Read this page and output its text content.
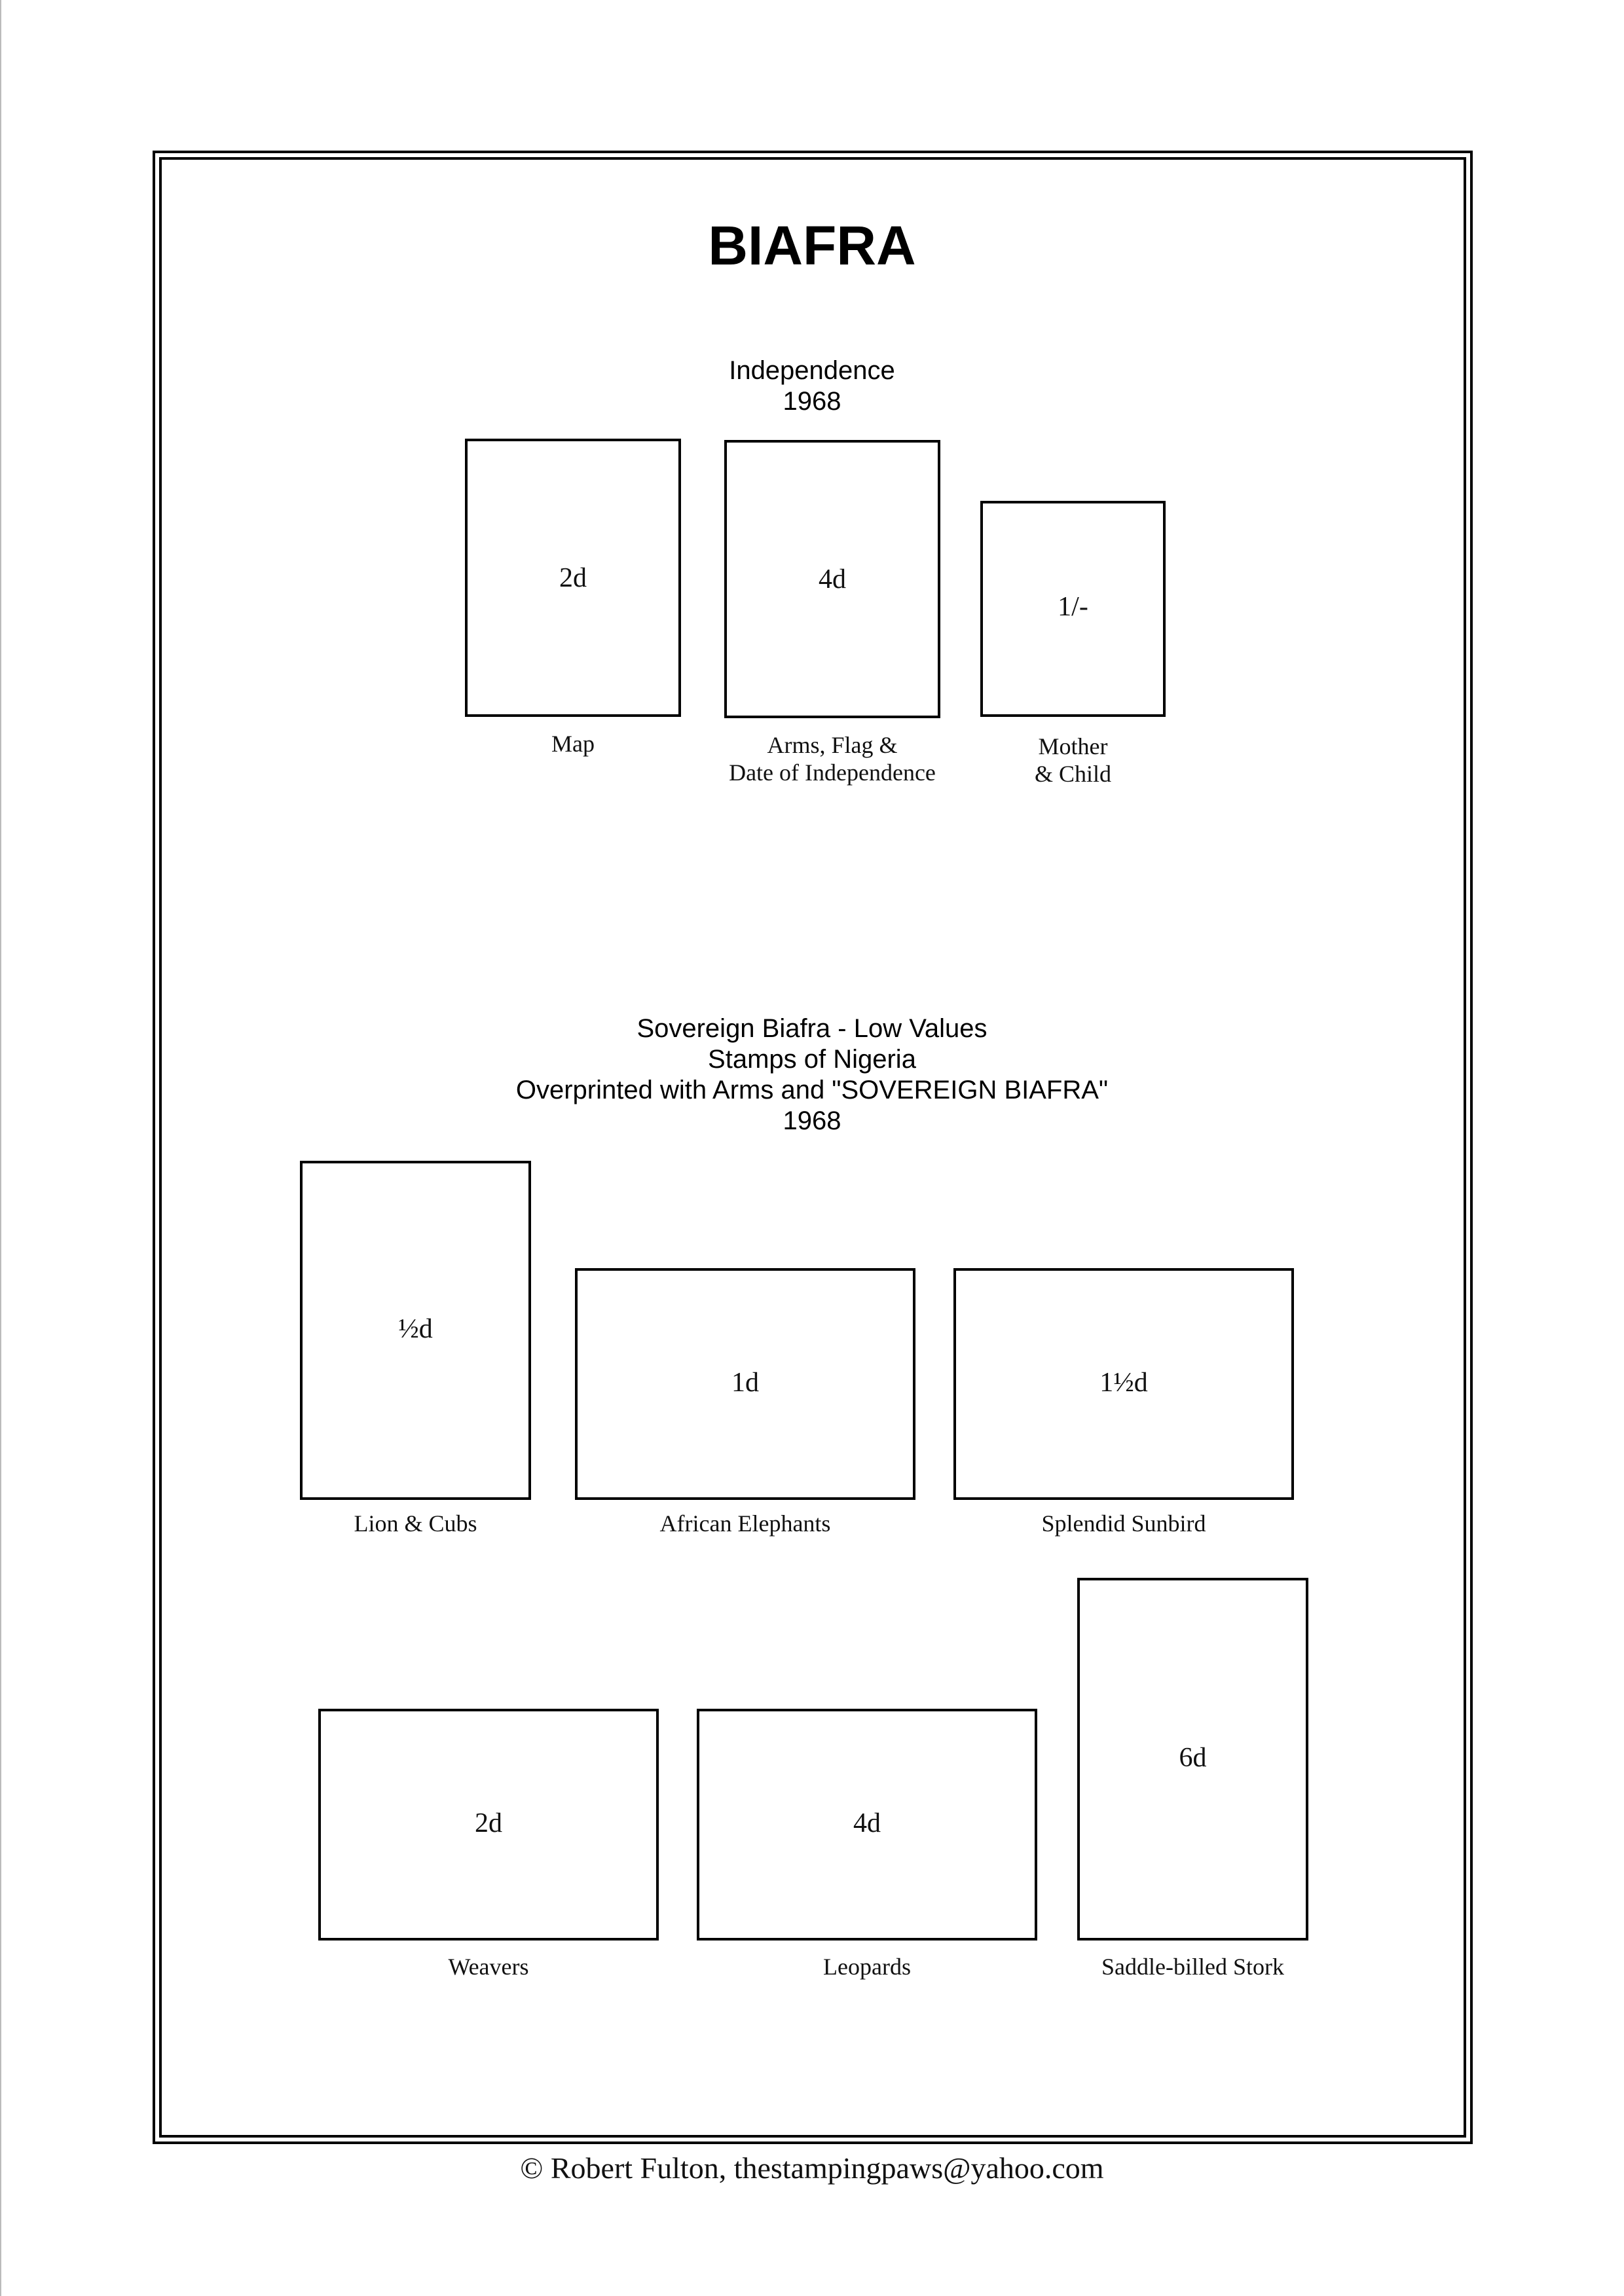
BIAFRA
Independence
1968
2d
Map
4d
Arms, Flag &
Date of Independence
1/-
Mother
& Child
Sovereign Biafra - Low Values
Stamps of Nigeria
Overprinted with Arms and "SOVEREIGN BIAFRA"
1968
½d
Lion & Cubs
1d
African Elephants
1½d
Splendid Sunbird
2d
Weavers
4d
Leopards
6d
Saddle-billed Stork
© Robert Fulton, thestampingpaws@yahoo.com
